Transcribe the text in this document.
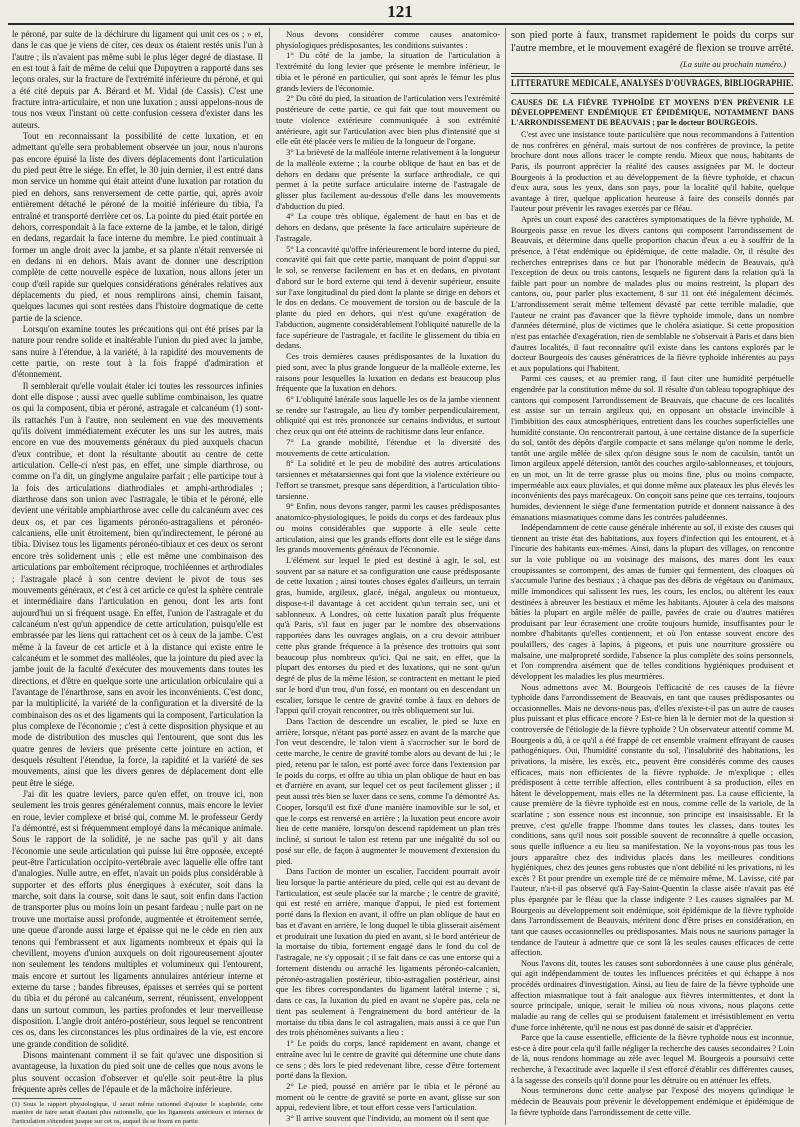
121

le péroné, par suite de la déchirure du ligament qui unit ces os ; » et, dans le cas que je viens de citer, ces deux os étaient restés unis l'un à l'autre ; ils n'avaient pas même subi le plus léger degré de diastase. Il en est tout à fait de même de celui que Dupuytren a rapporté dans ses leçons orales, sur la fracture de l'extrémité inférieure du péroné, et qui a été cité depuis par A. Bérard et M. Vidal (de Cassis). C'est une fracture intra-articulaire, et non une luxation ; aussi appelons-nous de tous nos vœux l'instant où cette confusion cessera d'exister dans les auteurs.

Tout en reconnaissant la possibilité de cette luxation, et en admettant qu'elle sera probablement observée un jour, nous n'aurons pas encore épuisé la liste des divers déplacements dont l'articulation du pied peut être le siége. En effet, le 30 juin dernier, il est entré dans mon service un homme qui était atteint d'une luxation par rotation du pied en dehors, sans renversement de cette partie, qui, après avoir entièrement détaché le péroné de la moitié inférieure du tibia, l'a entraîné et transporté derrière cet os. La pointe du pied était portée en dehors, correspondait à la face externe de la jambe, et le talon, dirigé en dedans, regardait la face interne du membre. Le pied continuait à former un angle droit avec la jambe, et sa plante n'était renversée ni en dedans ni en dehors. Mais avant de donner une description complète de cette nouvelle espèce de luxation, nous allons jeter un coup d'œil rapide sur quelques considérations générales relatives aux déplacements du pied, et nous remplirons ainsi, chemin faisant, quelques lacunes qui sont restées dans l'histoire dogmatique de cette partie de la science.

Lorsqu'on examine toutes les précautions qui ont été prises par la nature pour rendre solide et inaltérable l'union du pied avec la jambe, sans nuire à l'étendue, à la variété, à la rapidité des mouvements de cette partie, on reste tout à la fois frappé d'admiration et d'étonnement.

Il semblerait qu'elle voulait étaler ici toutes les ressources infinies dont elle dispose ; aussi avec quelle sublime combinaison, les quatre os qui la composent, tibia et péroné, astragale et calcanéum (1) sont-ils rattachés l'un à l'autre, non seulement en vue des mouvements qu'ils doivent immédiatement exécuter les uns sur les autres, mais encore en vue des mouvements généraux du pied auxquels chacun d'eux contribue, et dont la résultante aboutit au centre de cette articulation. Celle-ci n'est pas, en effet, une simple diarthrose, ou comme on l'a dit, un ginglyme angulaire parfait ; elle participe tout à la fois des articulations diathrodiales et amphi-arthrodiales ; diarthrose dans son union avec l'astragale, le tibia et le péroné, elle devient une véritable amphiarthrose avec celle du calcanéum avec ces deux os, et par ces ligaments péronéo-astragaliens et péronéo-calcaniens, elle unit étroitement, bien qu'indirectement, le péroné au tibia. Divisez tous les ligaments péronéo-tibiaux et ces deux os seront encore très solidement unis ; elle est même une combinaison des articulations par emboîtement réciproque, trochléennes et arthrodiales ; l'astragale placé à son centre devient le pivot de tous ses mouvements généraux, et c'est à cet article ce qu'est la sphère centrale et intermédiaire dans l'articulation en genou, dont les arts font aujourd'hui un si fréquent usage. En effet, l'union de l'astragale et du calcanéum n'est qu'un appendice de cette articulation, puisqu'elle est embrassée par les liens qui rattachent cet os à ceux de la jambe. C'est même à la faveur de cet article et à la distance qui existe entre le calcanéum et le sommet des malléoles, que la jointure du pied avec la jambe jouit de la faculté d'exécuter des mouvements dans toutes les directions, et d'être en quelque sorte une articulation orbiculaire qui a l'avantage de l'énarthrose, sans en avoir les inconvénients. C'est donc, par la multiplicité, la variété de la configuration et la diversité de la combinaison des os et des ligaments qui la composent, l'articulation la plus complexe de l'économie ; c'est à cette disposition physique et au mode de distribution des muscles qui l'entourent, que sont dus les quatre genres de leviers que présente cette jointure en action, et desquels résultent l'étendue, la force, la rapidité et la variété de ses mouvements, ainsi que les divers genres de déplacement dont elle peut être le siége.

J'ai dit les quatre leviers, parce qu'en effet, on trouve ici, non seulement les trois genres généralement connus, mais encore le levier en roue, levier complexe et brisé qui, comme M. le professeur Gerdy l'a démontré, est si fréquemment employé dans la mécanique animale. Sous le rapport de la solidité, je ne sache pas qu'il y ait dans l'économie une seule articulation qui puisse lui être opposée, excepté peut-être l'articulation occipito-vertébrale avec laquelle elle offre tant d'analogies. Nulle autre, en effet, n'avait un poids plus considérable à supporter et des efforts plus énergiques à exécuter, soit dans la marche, soit dans la course, soit dans le saut, soit enfin dans l'action de transporter plus ou moins loin un pesant fardeau ; nulle part on ne trouve une mortaise aussi profonde, augmentée et étroitement serrée, une queue d'aronde aussi large et épaisse qui ne le cède en rien aux tenons qui l'embrassent et aux ligaments nombreux et épais qui la chevillent, moyens d'union auxquels on doit rigoureusement ajouter non seulement les tendons multiples et volumineux qui l'entourent, mais encore et surtout les ligaments annulaires antérieur interne et externe du tarse ; bandes fibreuses, épaisses et serrées qui se portent du tibia et du péroné au calcanéum, serrent, réunissent, enveloppent dans un surtout commun, les parties profondes et leur merveilleuse disposition. L'angle droit antéro-postérieur, sous lequel se rencontrent ces os, dans les circonstances les plus ordinaires de la vie, est encore une grande condition de solidité.

Disons maintenant comment il se fait qu'avec une disposition si avantageuse, la luxation du pied soit une de celles que nous avons le plus souvent occasion d'observer et qu'elle soit peut-être la plus fréquente après celles de l'épaule et de la mâchoire inférieure.

(1) Sous le rapport physiologique, il serait même rationnel d'ajouter le scaphoïde, cette manière de faire serait d'autant plus rationnelle, que les ligaments antérieurs et internes de l'articulation s'étendent jusque sur cet os, auquel ils se fixent en partie.

Nous devons considérer comme causes anatomico-physiologiques prédisposantes, les conditions suivantes :

1° Du côté de la jambe, la situation de l'articulation à l'extrémité du long levier que présente le membre inférieur, le tibia et le péroné en particulier, qui sont après le fémur les plus grands leviers de l'économie.

2° Du côté du pied, la situation de l'articulation vers l'extrémité postérieure de cette partie, ce qui fait que tout mouvement ou toute violence extérieure communiquée à son extrémité antérieure, agit sur l'articulation avec bien plus d'intensité que si elle eût été placée vers le milieu de la longueur de l'organe.

3° La brièveté de la malléole interne relativement à la longueur de la malléole externe ; la courbe oblique de haut en bas et de dehors en dedans que présente la surface arthrodiale, ce qui permet à la petite surface articulaire interne de l'astragale de glisser plus facilement au-dessous d'elle dans les mouvements d'abduction du pied.

4° La coupe très oblique, également de haut en bas et de dehors en dedans, que présente la face articulaire supérieure de l'astragale.

5° La concavité qu'offre inférieurement le bord interne du pied, concavité qui fait que cette partie, manquant de point d'appui sur le sol, se renverse facilement en bas et en dedans, en pivotant d'abord sur le bord externe qui tend à devenir supérieur, ensuite sur l'axe longitudinal du pied dont la plante se dirige en dehors et le dos en dedans. Ce mouvement de torsion ou de bascule de la plante du pied en dehors, qui n'est qu'une exagération de l'abduction, augmente considérablement l'obliquité naturelle de la face supérieure de l'astragale, et facilite le glissement du tibia en dedans.

Ces trois dernières causes prédisposantes de la luxation du pied sont, avec la plus grande longueur de la malléole externe, les raisons pour lesquelles la luxation en dedans est beaucoup plus fréquente que la luxation en dehors.

6° L'obliquité latérale sous laquelle les os de la jambe viennent se rendre sur l'astragale, au lieu d'y tomber perpendiculairement, obliquité qui est très prononcée sur certains individus, et surtout chez ceux qui ont été atteints de rachitisme dans leur enfance.

7° La grande mobilité, l'étendue et la diversité des mouvements de cette articulation.

8° La solidité et le peu de mobilité des autres articulations tarsiennes et métatarsiennes qui font que la violence extérieure ou l'effort se transmet, presque sans déperdition, à l'articulation tibio-tarsienne.

9° Enfin, nous devons ranger, parmi les causes prédisposantes anatomico-physiologiques, le poids du corps et des fardeaux plus ou moins considérables que supporte à elle seule cette articulation, ainsi que les grands efforts dont elle est le siége dans les grands mouvements généraux de l'économie.

L'élément sur lequel le pied est destiné à agir, le sol, est souvent par sa nature et sa configuration une cause prédisposante de cette luxation ; ainsi toutes choses égales d'ailleurs, un terrain gras, humide, argileux, glacé, inégal, anguleux ou montueux, dispose-t-il davantage à cet accident qu'un terrain sec, uni et sablonneux. A Londres, où cette luxation paraît plus fréquente qu'à Paris, s'il faut en juger par le nombre des observations rapportées dans les ouvrages anglais, on a cru devoir attribuer cette plus grande fréquence à la présence des trottoirs qui sont beaucoup plus nombreux qu'ici. Qui ne sait, en effet, que la plupart des entorses du pied et des luxations, qui ne sont qu'un degré de plus de la même lésion, se contractent en mettant le pied sur le bord d'un trou, d'un fossé, en montant ou en descendant un escalier, lorsque le centre de gravité tombe à faux en dehors de l'appui qu'il croyait rencontrer, ou très obliquement sur lui.

Dans l'action de descendre un escalier, le pied se luxe en arrière, lorsque, n'étant pas porté assez en avant de la marche que l'on veut descendre, le talon vient à s'accrocher sur le bord de cette marche, le centre de gravité tombe alors au devant de lui ; le pied, retenu par le talon, est porté avec force dans l'extension par le poids du corps, et offre au tibia un plan oblique de haut en bas et d'arrière en avant, sur lequel cet os peut facilement glisser ; il peut aussi très bien se luxer dans ce sens, comme l'a démontré As. Cooper, lorsqu'il est fixé d'une manière inamovible sur le sol, et que le corps est renversé en arrière ; la luxation peut encore avoir lieu de cette manière, lorsqu'on descend rapidement un plan très incliné, si surtout le talon est retenu par une inégalité du sol ou posé sur elle, de façon à augmenter le mouvement d'extension du pied.

Dans l'action de monter un escalier, l'accident pourrait avoir lieu lorsque la partie antérieure du pied, celle qui est au devant de l'articulation, est seule placée sur la marche ; le centre de gravité, qui est resté en arrière, manque d'appui, le pied est fortement porté dans la flexion en avant, il offre un plan oblique de haut en bas et d'avant en arrière, le long duquel le tibia glisserait aisément et produirait une luxation du pied en avant, si le bord antérieur de la mortaise du tibia, fortement engagé dans le fond du col de l'astragale, ne s'y opposait ; il se fait dans ce cas une entorse qui a fortement distendu ou arraché les ligaments péronéo-calcanien, péronéo-astragalien postérieur, tibio-astragalien postérieur, ainsi que les fibres correspondantes du ligament latéral interne ; si, dans ce cas, la luxation du pied en avant ne s'opère pas, cela ne tient pas seulement à l'engrainement du bord antérieur de la mortaise du tibia dans le col astragalien, mais aussi à ce que l'un des trois phénomènes suivants a lieu :

1° Le poids du corps, lancé rapidement en avant, change et entraîne avec lui le centre de gravité qui détermine une chute dans ce sens ; dès lors le pied redevenant libre, cesse d'être fortement porté dans la flexion.

2° Le pied, poussé en arrière par le tibia et le péroné au moment où le centre de gravité se porte en avant, glisse sur son appui, redevient libre, et tout effort cesse vers l'articulation.

3° Il arrive souvent que l'individu, au moment où il sent que

son pied porte à faux, transmet rapidement le poids du corps sur l'autre membre, et le mouvement exagéré de flexion se trouve arrêté.

(La suite au prochain numéro.)
LITTÉRATURE MÉDICALE, ANALYSES D'OUVRAGES, BIBLIOGRAPHIE.

CAUSES DE LA FIÈVRE TYPHOÏDE ET MOYENS D'EN PRÉVENIR LE DÉVELOPPEMENT ENDÉMIQUE ET ÉPIDÉMIQUE, NOTAMMENT DANS L'ARRONDISSEMENT DE BEAUVAIS ; par le docteur BOURGEOIS.

C'est avec une insistance toute particulière que nous recommandons à l'attention de nos confrères en général, mais surtout de nos confrères de province, la petite brochure dont nous allons tracer le compte rendu. Mieux que nous, habitants de Paris, ils pourront apprécier la réalité des causes assignées par M. le docteur Bourgeois à la production et au développement de la fièvre typhoïde, et chacun d'eux aura, sous les yeux, dans son pays, pour la localité qu'il habite, quelque avantage à tirer, quelque application heureuse à faire des conseils donnés par l'auteur pour prévenir les ravages exercés par ce fléau.

Après un court exposé des caractères symptomatiques de la fièvre typhoïde, M. Bourgeois passe en revue les divers cantons qui composent l'arrondissement de Beauvais, et détermine dans quelle proportion chacun d'eux a eu à souffrir de la présence, à l'état endémique ou épidémique, de cette maladie. Or, il résulte des recherches entreprises dans ce but par l'honorable médecin de Beauvais, qu'à l'exception de deux ou trois cantons, lesquels ne figurent dans la relation qu'à la faible part pour un nombre de malades plus ou moins restreint, la plupart des cantons, ou, pour parler plus exactement, 8 sur 11 ont été inégalement décimés. L'arrondissement serait même tellement dévasté par cette terrible maladie, que l'auteur ne craint pas d'avancer que la fièvre typhoïde immole, dans un nombre d'années déterminé, plus de victimes que le choléra asiatique. Si cette proposition n'est pas entachée d'exagération, rien de semblable ne s'observait à Paris et dans bien d'autres localités, il faut reconnaître qu'il existe dans les cantons explorés par le docteur Bourgeois des causes génératrices de la fièvre typhoïde inhérentes au pays et aux populations qui l'habitent.

Parmi ces causes, et au premier rang, il faut citer une humidité perpétuelle engendrée par la constitution même du sol. Il résulte d'un tableau topographique des cantons qui composent l'arrondissement de Beauvais, que chacune de ces localités est assise sur un terrain argileux qui, en opposant un obstacle invincible à l'imbibition des eaux atmosphériques, entretient dans les couches superficielles une humidité constante. On rencontrerait partout, à une certaine distance de la superficie du sol, tantôt des dépôts d'argile compacte et sans mélange qu'on nomme le derle, tantôt une argile mêlée de silex qu'on désigne sous le nom de caculsin, tantôt un limon argileux appelé détersion, tantôt des couches argilo-sablonneuses, et toujours, en un mot, un lit de terre grasse plus ou moins fine, plus ou moins compacte, imperméable aux eaux pluviales, et qui donne même aux plateaux les plus élevés les inconvénients des pays marécageux. On conçoit sans peine que ces terrains, toujours humides, deviennent le siége d'une fermentation putride et donnent naissance à des émanations miasmatiques comme dans les contrées paludéennes.

Indépendamment de cette cause générale inhérente au sol, il existe des causes qui tiennent au triste état des habitations, aux foyers d'infection qui les entourent, et à l'incurie des habitants eux-mêmes. Ainsi, dans la plupart des villages, on rencontre sur la voie publique ou au voisinage des maisons, des mares dont les eaux croupissantes se corrompent, des amas de fumier qui fermentent, des cloaques où s'accumule l'urine des bestiaux ; à chaque pas des débris de végétaux ou d'animaux, mille immondices qui salissent les rues, les cours, les enclos, ou altèrent les eaux destinées à abreuver les bestiaux et même les habitants. Ajouter à cela des maisons bâties la plupart en argile mêlée de paille, pavées de craie ou d'autres matières produisant par leur écrasement une croûte toujours humide, insuffisantes pour le nombre d'habitants qu'elles contiennent, et où l'on entasse souvent encore des poulaillers, des cages à lapins, à pigeons, et puis une nourriture grossière ou malsaine, une malpropreté sordide, l'absence la plus complète des soins personnels, et l'on comprendra aisément que de telles conditions hygiéniques produisent et développent les maladies les plus meurtrières.

Nous admettons avec M. Bourgeois l'efficacité de ces causes de la fièvre typhoïde dans l'arrondissement de Beauvais, en tant que causes prédisposantes ou occasionnelles. Mais ne devons-nous pas, d'elles n'existe-t-il pas un autre de causes plus puissant et plus efficace encore ? Est-ce bien là le dernier mot de la question si controversée de l'étiologie de la fièvre typhoïde ? Un observateur attentif comme M. Bourgeois a dû, à ce qu'il a été frappé de cet ensemble vraiment effrayant de causes pathogéniques. Oui, l'humidité constante du sol, l'insalubrité des habitations, les privations, la misère, les excès, etc., peuvent être considérés comme des causes efficaces, mais non efficientes de la fièvre typhoïde. Je m'explique ; elles prédisposent à cette terrible affection, elles contribuent à sa production, elles en hâtent le développement, mais elles ne la déterminent pas. La cause efficiente, la cause première de la fièvre typhoïde est en nous, comme celle de la variole, de la scarlatine ; son essence nous est inconnue, son principe est insaisissable. Et la preuve, c'est qu'elle frappe l'homme dans toutes les classes, dans toutes les conditions, sans qu'il nous soit possible souvent de reconnaître à quelle occasion, sous quelle influence a eu lieu sa manifestation. Ne la voyons-nous pas tous les jours apparaître chez des individus placés dans les meilleures conditions hygiéniques, chez des jeunes gens robustes que n'ont débilité ni les privations, ni les excès ? Et pour prendre un exemple tiré de ce mémoire même, M. Lavisse, cité par l'auteur, n'a-t-il pas observé qu'à Fay-Saint-Quentin la classe aisée n'avait pas été plus épargnée par le fléau que la classe indigente ? Les causes signalées par M. Bourgeois au développement soit endémique, soit épidémique de la fièvre typhoïde dans l'arrondissement de Beauvais, méritent donc d'être prises en considération, en tant que causes occasionnelles ou prédisposantes. Mais nous ne saurions partager la tendance de l'auteur à admettre que ce sont là les seules causes efficaces de cette affection.

Nous l'avons dit, toutes les causes sont subordonnées à une cause plus générale, qui agit indépendamment de toutes les influences précitées et qui échappe à nos procédés ordinaires d'investigation. Ainsi, au lieu de faire de la fièvre typhoïde une affection miasmatique tout à fait analogue aux fièvres intermittentes, et dont la source principale, unique, serait le milieu où nous vivons, nous plaçons cette maladie au rang de celles qui se produisent fatalement et irrésistiblement en vertu d'une force inhérente, qu'il ne nous est pas donné de saisir et d'apprécier.

Parce que la cause essentielle, efficiente de la fièvre typhoïde nous est inconnue, est-ce à dire pour cela qu'il faille négliger la recherche des causes secondaires ? Loin de là, nous rendons hommage au zèle avec lequel M. Bourgeois a poursuivi cette recherche, à l'exactitude avec laquelle il s'est efforcé d'établir ces différentes causes, à la sagesse des conseils qu'il donne pour les détruire ou en atténuer les effets.

Nous terminerons donc cette analyse par l'exposé des moyens qu'indique le médecin de Beauvais pour prévenir le développement endémique et épidémique de la fièvre typhoïde dans l'arrondissement de cette ville.
